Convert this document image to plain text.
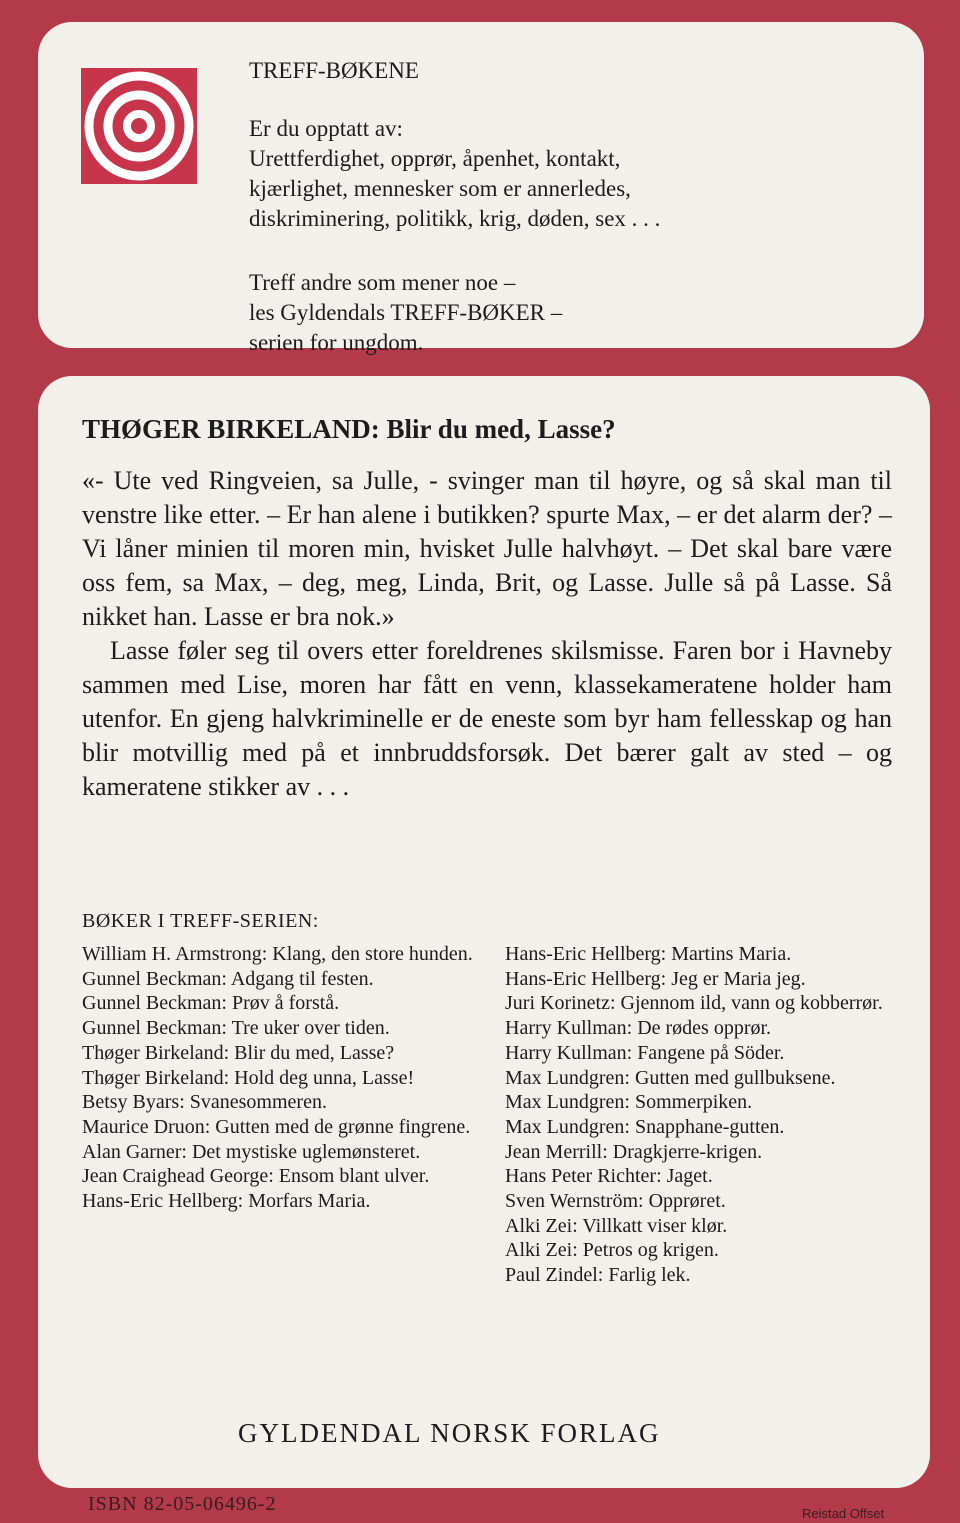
TREFF-BØKENE
Er du opptatt av:
Urettferdighet, opprør, åpenhet, kontakt,
kjærlighet, mennesker som er annerledes,
diskriminering, politikk, krig, døden, sex . . .
Treff andre som mener noe –
les Gyldendals TREFF-BØKER –
serien for ungdom.
THØGER BIRKELAND: Blir du med, Lasse?

«- Ute ved Ringveien, sa Julle, - svinger man til høyre, og så skal man til venstre like etter. – Er han alene i butikken? spurte Max, – er det alarm der? – Vi låner minien til moren min, hvisket Julle halvhøyt. – Det skal bare være oss fem, sa Max, – deg, meg, Linda, Brit, og Lasse. Julle så på Lasse. Så nikket han. Lasse er bra nok.»

Lasse føler seg til overs etter foreldrenes skilsmisse. Faren bor i Havneby sammen med Lise, moren har fått en venn, klassekameratene holder ham utenfor. En gjeng halvkriminelle er de eneste som byr ham fellesskap og han blir motvillig med på et innbruddsforsøk. Det bærer galt av sted – og kameratene stikker av . . .

BØKER I TREFF-SERIEN:
William H. Armstrong: Klang, den store hunden.
Gunnel Beckman: Adgang til festen.
Gunnel Beckman: Prøv å forstå.
Gunnel Beckman: Tre uker over tiden.
Thøger Birkeland: Blir du med, Lasse?
Thøger Birkeland: Hold deg unna, Lasse!
Betsy Byars: Svanesommeren.
Maurice Druon: Gutten med de grønne fingrene.
Alan Garner: Det mystiske uglemønsteret.
Jean Craighead George: Ensom blant ulver.
Hans-Eric Hellberg: Morfars Maria.
Hans-Eric Hellberg: Martins Maria.
Hans-Eric Hellberg: Jeg er Maria jeg.
Juri Korinetz: Gjennom ild, vann og kobberrør.
Harry Kullman: De rødes opprør.
Harry Kullman: Fangene på Söder.
Max Lundgren: Gutten med gullbuksene.
Max Lundgren: Sommerpiken.
Max Lundgren: Snapphane-gutten.
Jean Merrill: Dragkjerre-krigen.
Hans Peter Richter: Jaget.
Sven Wernström: Opprøret.
Alki Zei: Villkatt viser klør.
Alki Zei: Petros og krigen.
Paul Zindel: Farlig lek.
GYLDENDAL NORSK FORLAG
ISBN 82-05-06496-2	Reistad Offset
